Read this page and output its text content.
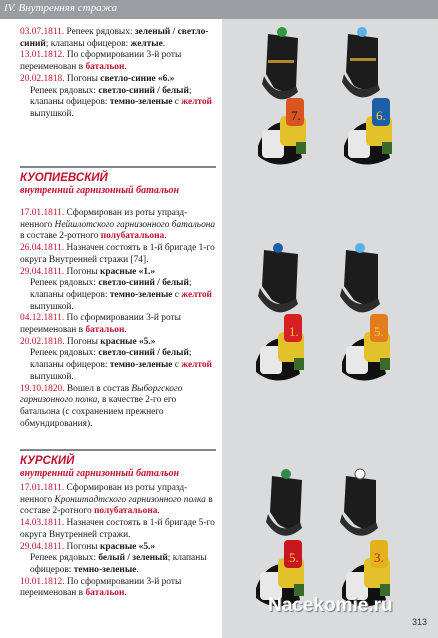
IV. Внутренняя стража

03.07.1811. Репеек рядовых: зеленый / светло-синий; клапаны офицеров: желтые.

13.01.1812. По сформировании 3-й роты переименован в батальон.

20.02.1818. Погоны светло-синие «6.»

Репеек рядовых: светло-синий / белый; клапаны офицеров: темно-зеленые с желтой выпушкой.

КУОПИЕВСКИЙ
внутренний гарнизонный батальон

17.01.1811. Сформирован из роты упраздненного Нейшлотского гарнизонного батальона в составе 2-ротного полубатальона.

26.04.1811. Назначен состоять в 1-й бригаде 1-го округа Внутренней стражи [74].

29.04.1811. Погоны красные «1.»

Репеек рядовых: светло-синий / белый; клапаны офицеров: темно-зеленые с желтой выпушкой.

04.12.1811. По сформировании 3-й роты переименован в батальон.

20.02.1818. Погоны красные «5.»

Репеек рядовых: светло-синий / белый; клапаны офицеров: темно-зеленые с желтой выпушкой.

19.10.1820. Вошел в состав Выборгского гарнизонного полка, в качестве 2-го его батальона (с сохранением прежнего обмундирования).

КУРСКИЙ
внутренний гарнизонный батальон

17.01.1811. Сформирован из роты упраздненного Кронштадтского гарнизонного полка в составе 2-ротного полубатальона.

14.03.1811. Назначен состоять в 1-й бригаде 5-го округа Внутренней стражи.

29.04.1811. Погоны красные «5.»

Репеек рядовых: белый / зеленый; клапаны офицеров: темно-зеленые.

10.01.1812. По сформировании 3-й роты переименован в батальон.

7.	6.
1.	5.
5.	3.
Nacekomie.ru
313
